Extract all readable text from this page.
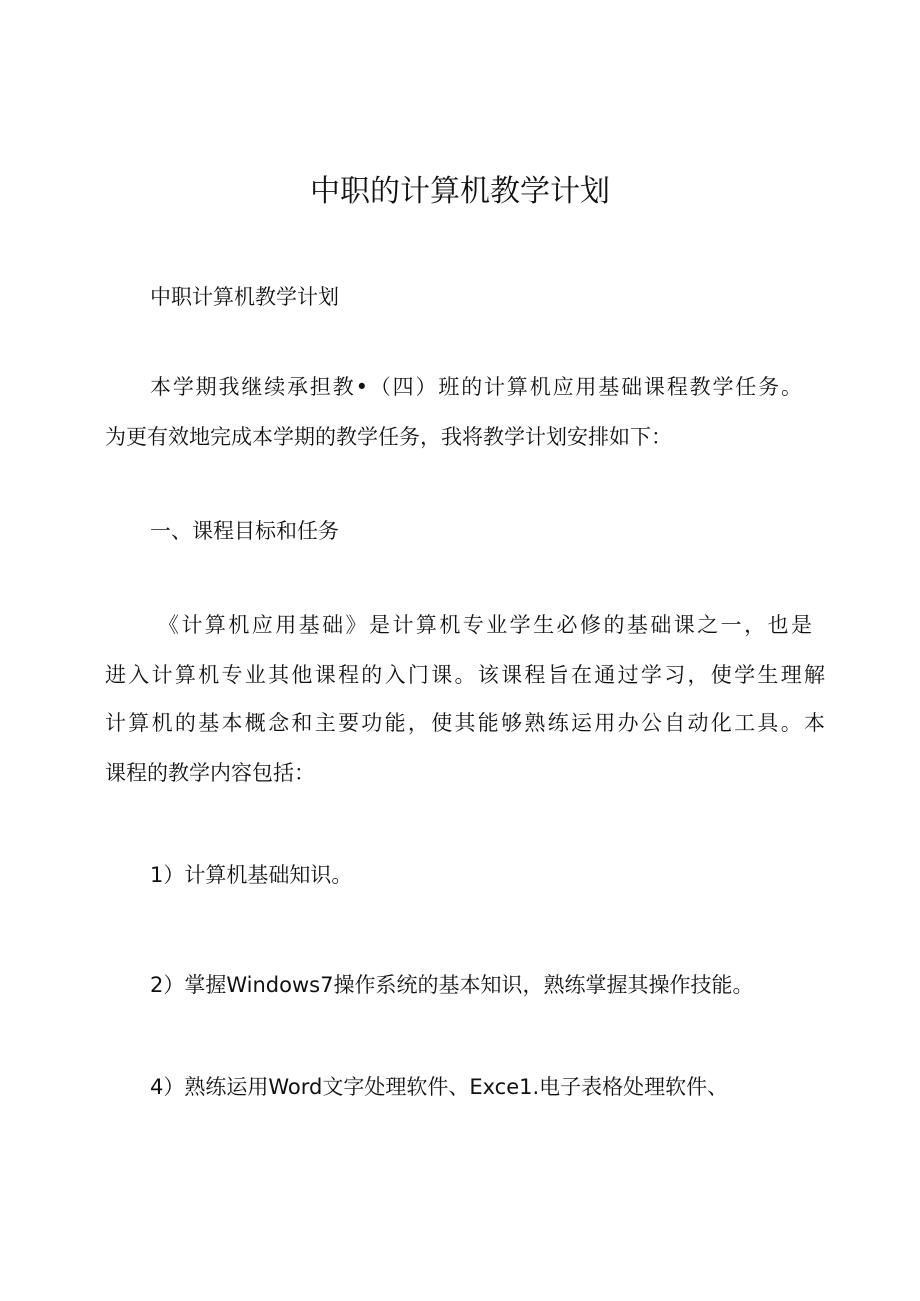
中职的计算机教学计划
中职计算机教学计划
本学期我继续承担教•（四）班的计算机应用基础课程教学任务。
为更有效地完成本学期的教学任务，我将教学计划安排如下：
一、课程目标和任务
《计算机应用基础》是计算机专业学生必修的基础课之一，也是
进入计算机专业其他课程的入门课。该课程旨在通过学习，使学生理解
计算机的基本概念和主要功能，使其能够熟练运用办公自动化工具。本
课程的教学内容包括：
1）计算机基础知识。
2）掌握Windows7操作系统的基本知识，熟练掌握其操作技能。
4）熟练运用Word文字处理软件、Exce1.电子表格处理软件、
